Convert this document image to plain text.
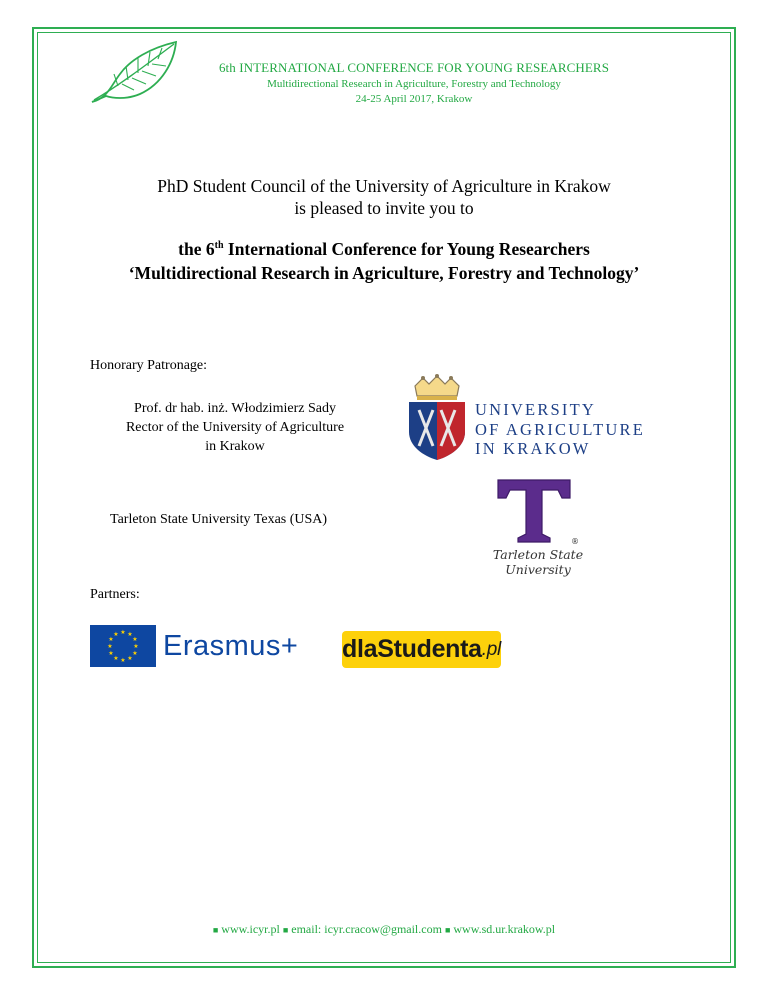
6th INTERNATIONAL CONFERENCE FOR YOUNG RESEARCHERS
Multidirectional Research in Agriculture, Forestry and Technology
24-25 April 2017, Krakow
PhD Student Council of the University of Agriculture in Krakow
is pleased to invite you to
the 6th International Conference for Young Researchers
‘Multidirectional Research in Agriculture, Forestry and Technology’
Honorary Patronage:
Prof. dr hab. inż. Włodzimierz Sady
Rector of the University of Agriculture
in Krakow
UNIVERSITY
OF AGRICULTURE
IN KRAKOW
Tarleton State University Texas (USA)
®
Tarleton State
University
Partners:
★ ★
★
★
★
★
★
★
★
★
★
★ Erasmus+ dlaStudenta .pl
■ www.icyr.pl ■ email: icyr.cracow@gmail.com ■ www.sd.ur.krakow.pl
